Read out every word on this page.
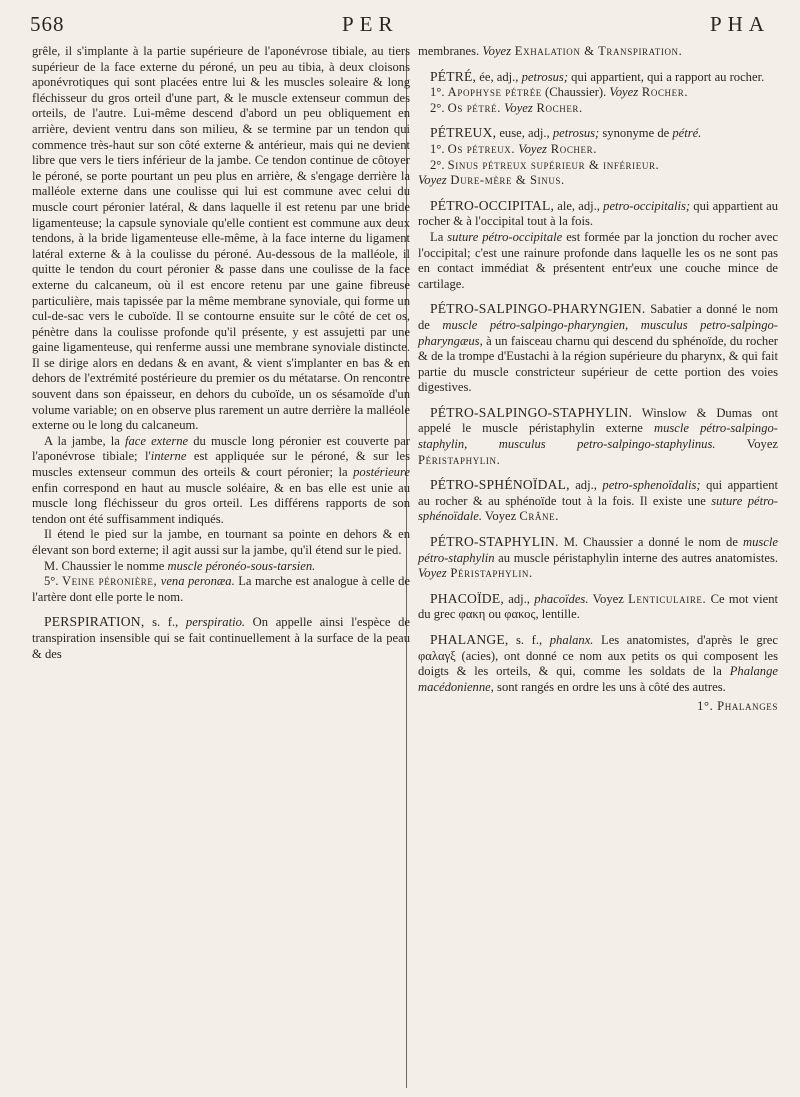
568	PER	PHA

grêle, il s'implante à la partie supérieure de l'aponévrose tibiale, au tiers supérieur de la face externe du péroné, un peu au tibia, à deux cloisons aponévrotiques qui sont placées entre lui & les muscles soleaire & long fléchisseur du gros orteil d'une part, & le muscle extenseur commun des orteils, de l'autre. Lui-même descend d'abord un peu obliquement en arrière, devient ventru dans son milieu, & se termine par un tendon qui commence très-haut sur son côté externe & antérieur, mais qui ne devient libre que vers le tiers inférieur de la jambe. Ce tendon continue de côtoyer le péroné, se porte pourtant un peu plus en arrière, & s'engage derrière la malléole externe dans une coulisse qui lui est commune avec celui du muscle court péronier latéral, & dans laquelle il est retenu par une bride ligamenteuse; la capsule synoviale qu'elle contient est commune aux deux tendons, à la bride ligamenteuse elle-même, à la face interne du ligament latéral externe & à la coulisse du péroné. Au-dessous de la malléole, il quitte le tendon du court péronier & passe dans une coulisse de la face externe du calcaneum, où il est encore retenu par une gaine fibreuse particulière, mais tapissée par la même membrane synoviale, qui forme un cul-de-sac vers le cuboïde. Il se contourne ensuite sur le côté de cet os, pénètre dans la coulisse profonde qu'il présente, y est assujetti par une gaine ligamenteuse, qui renferme aussi une membrane synoviale distincte. Il se dirige alors en dedans & en avant, & vient s'implanter en bas & en dehors de l'extrémité postérieure du premier os du métatarse. On rencontre souvent dans son épaisseur, en dehors du cuboïde, un os sésamoïde d'un volume variable; on en observe plus rarement un autre derrière la malléole externe ou le long du calcaneum.

A la jambe, la face externe du muscle long péronier est couverte par l'aponévrose tibiale; l'interne est appliquée sur le péroné, & sur les muscles extenseur commun des orteils & court péronier; la postérieure enfin correspond en haut au muscle soléaire, & en bas elle est unie au muscle long fléchisseur du gros orteil. Les différens rapports de son tendon ont été suffisamment indiqués.

Il étend le pied sur la jambe, en tournant sa pointe en dehors & en élevant son bord externe; il agit aussi sur la jambe, qu'il étend sur le pied.

M. Chaussier le nomme muscle péronéo-sous-tarsien.

5°. Veine péronière, vena peronæa. La marche est analogue à celle de l'artère dont elle porte le nom.

PERSPIRATION, s. f., perspiratio. On appelle ainsi l'espèce de transpiration insensible qui se fait continuellement à la surface de la peau & des

membranes. Voyez Exhalation & Transpiration.

PÉTRÉ, ée, adj., petrosus; qui appartient, qui a rapport au rocher.

1°. Apophyse pétrée (Chaussier). Voyez Rocher.

2°. Os pétré. Voyez Rocher.

PÉTREUX, euse, adj., petrosus; synonyme de pétré.

1°. Os pétreux. Voyez Rocher.

2°. Sinus pétreux supérieur & inférieur.

Voyez Dure-mère & Sinus.

PÉTRO-OCCIPITAL, ale, adj., petro-occipitalis; qui appartient au rocher & à l'occipital tout à la fois.

La suture pétro-occipitale est formée par la jonction du rocher avec l'occipital; c'est une rainure profonde dans laquelle les os ne sont pas en contact immédiat & présentent entr'eux une couche mince de cartilage.

PÉTRO-SALPINGO-PHARYNGIEN. Sabatier a donné le nom de muscle pétro-salpingo-pharyngien, musculus petro-salpingo-pharyngæus, à un faisceau charnu qui descend du sphénoïde, du rocher & de la trompe d'Eustachi à la région supérieure du pharynx, & qui fait partie du muscle constricteur supérieur de cette portion des voies digestives.

PÉTRO-SALPINGO-STAPHYLIN. Winslow & Dumas ont appelé le muscle péristaphylin externe muscle pétro-salpingo-staphylin, musculus petro-salpingo-staphylinus. Voyez Péristaphylin.

PÉTRO-SPHÉNOÏDAL, adj., petro-sphenoïdalis; qui appartient au rocher & au sphénoïde tout à la fois. Il existe une suture pétro-sphénoïdale. Voyez Crâne.

PÉTRO-STAPHYLIN. M. Chaussier a donné le nom de muscle pétro-staphylin au muscle péristaphylin interne des autres anatomistes. Voyez Péristaphylin.

PHACOÏDE, adj., phacoïdes. Voyez Lenticulaire. Ce mot vient du grec φακη ou φακος, lentille.

PHALANGE, s. f., phalanx. Les anatomistes, d'après le grec φαλαγξ (acies), ont donné ce nom aux petits os qui composent les doigts & les orteils, & qui, comme les soldats de la Phalange macédonienne, sont rangés en ordre les uns à côté des autres.

1°. Phalanges
